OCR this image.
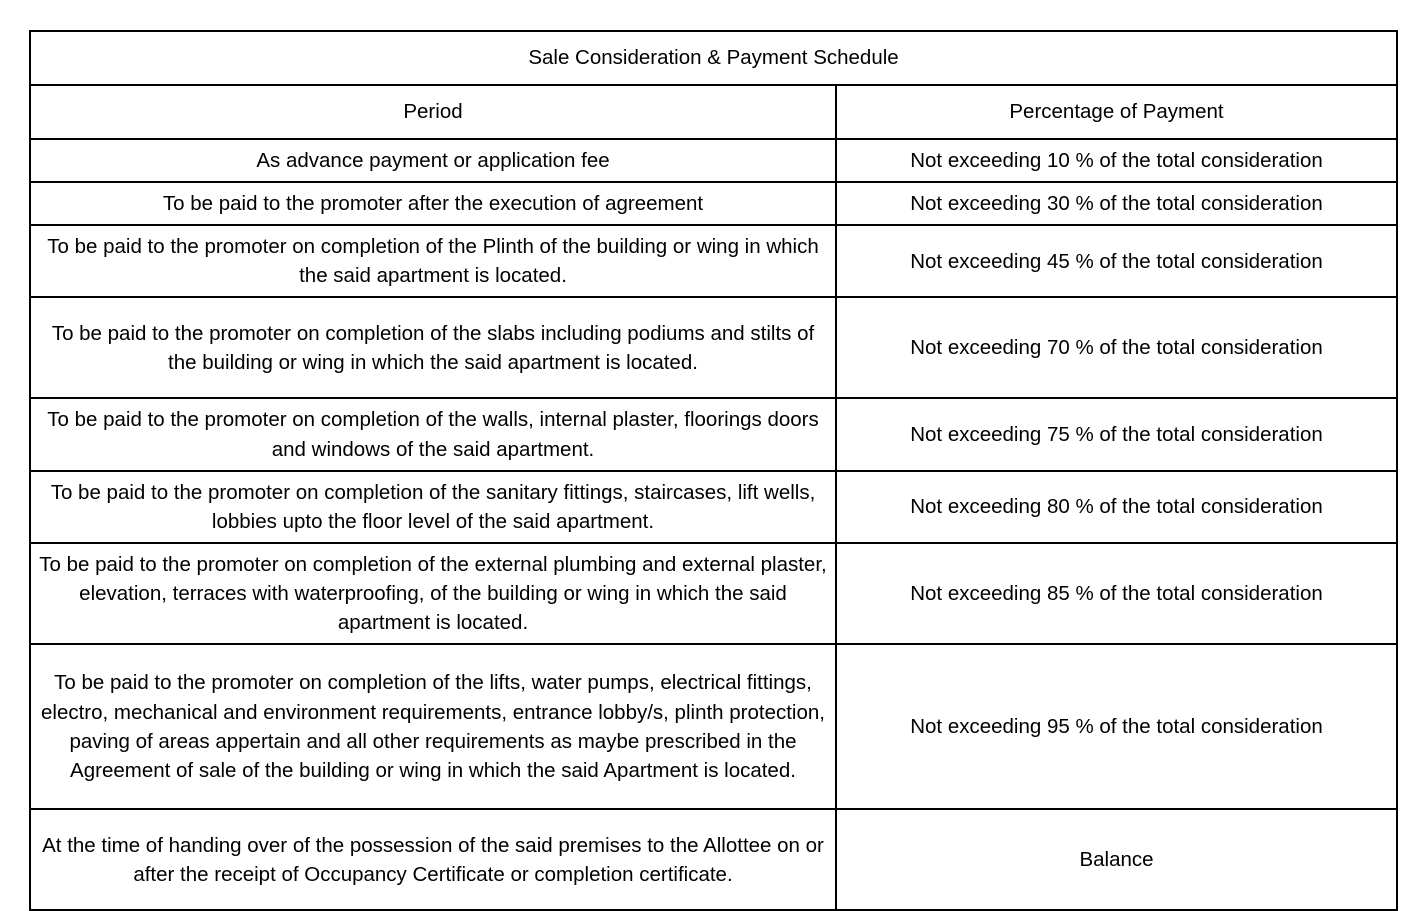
Sale Consideration & Payment Schedule	
Period	Percentage of Payment
As advance payment or application fee	Not exceeding 10 % of the total consideration
To be paid to the promoter after the execution of agreement	Not exceeding 30 % of the total consideration
To be paid to the promoter on completion of the Plinth of the building or wing in which the said apartment is located.	Not exceeding 45 % of the total consideration
To be paid to the promoter on completion of the slabs including podiums and stilts of the building or wing in which the said apartment is located.	Not exceeding 70 % of the total consideration
To be paid to the promoter on completion of the walls, internal plaster, floorings doors and windows of the said apartment.	Not exceeding 75 % of the total consideration
To be paid to the promoter on completion of the sanitary fittings, staircases, lift wells, lobbies upto the floor level of the said apartment.	Not exceeding 80 % of the total consideration
To be paid to the promoter on completion of the external plumbing and external plaster, elevation, terraces with waterproofing, of the building or wing in which the said apartment is located.	Not exceeding 85 % of the total consideration
To be paid to the promoter on completion of the lifts, water pumps, electrical fittings, electro, mechanical and environment requirements, entrance lobby/s, plinth protection, paving of areas appertain and all other requirements as maybe prescribed in the Agreement of sale of the building or wing in which the said Apartment is located.	Not exceeding 95 % of the total consideration
At the time of handing over of the possession of the said premises to the Allottee on or after the receipt of Occupancy Certificate or completion certificate.	Balance
